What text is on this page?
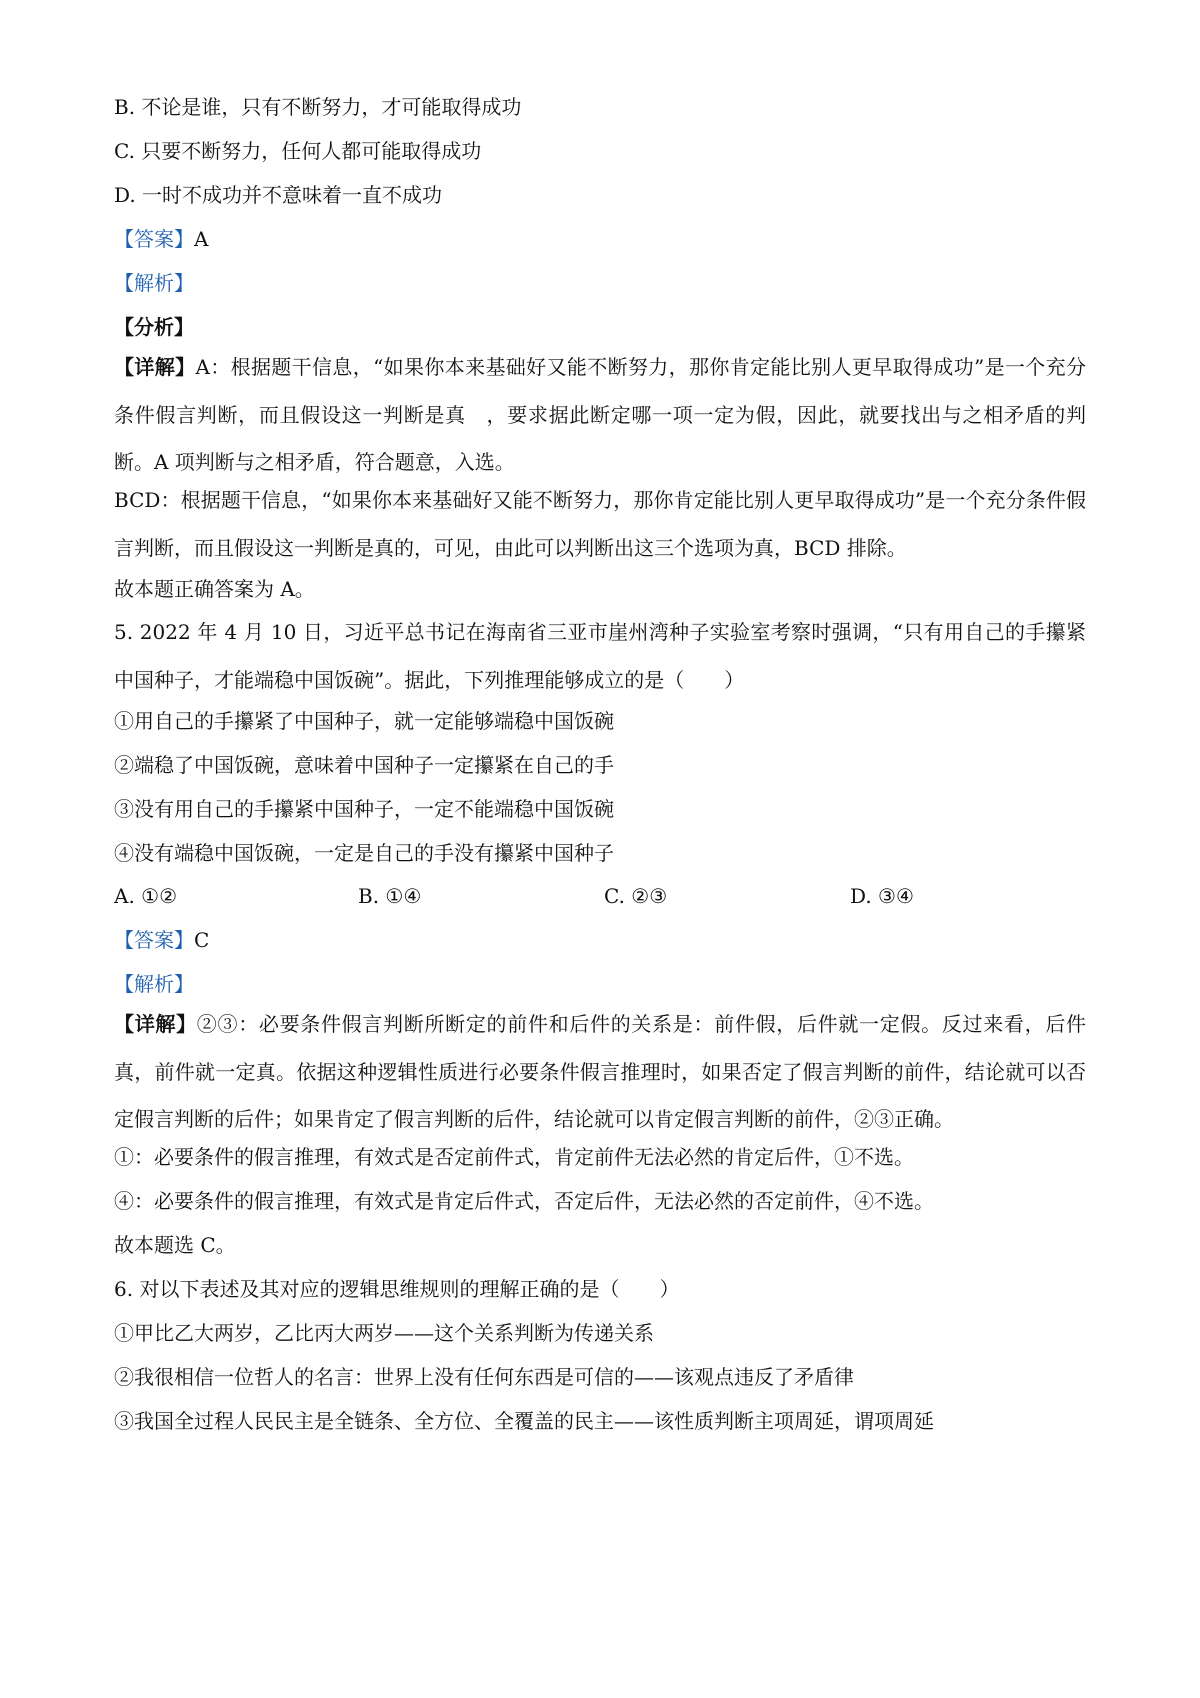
B. 不论是谁，只有不断努力，才可能取得成功
C. 只要不断努力，任何人都可能取得成功
D. 一时不成功并不意味着一直不成功
【答案】A
【解析】
【分析】

【详解】A：根据题干信息，“如果你本来基础好又能不断努力，那你肯定能比别人更早取得成功”是一个充分条件假言判断，而且假设这一判断是真　，要求据此断定哪一项一定为假，因此，就要找出与之相矛盾的判断。A 项判断与之相矛盾，符合题意，入选。

BCD：根据题干信息，“如果你本来基础好又能不断努力，那你肯定能比别人更早取得成功”是一个充分条件假言判断，而且假设这一判断是真的，可见，由此可以判断出这三个选项为真，BCD 排除。

故本题正确答案为 A。

5. 2022 年 4 月 10 日，习近平总书记在海南省三亚市崖州湾种子实验室考察时强调，“只有用自己的手攥紧中国种子，才能端稳中国饭碗”。据此，下列推理能够成立的是（　　）

①用自己的手攥紧了中国种子，就一定能够端稳中国饭碗
②端稳了中国饭碗，意味着中国种子一定攥紧在自己的手
③没有用自己的手攥紧中国种子，一定不能端稳中国饭碗
④没有端稳中国饭碗，一定是自己的手没有攥紧中国种子
A. ①②	B. ①④	C. ②③	D. ③④
【答案】C
【解析】

【详解】②③：必要条件假言判断所断定的前件和后件的关系是：前件假，后件就一定假。反过来看，后件真，前件就一定真。依据这种逻辑性质进行必要条件假言推理时，如果否定了假言判断的前件，结论就可以否定假言判断的后件；如果肯定了假言判断的后件，结论就可以肯定假言判断的前件，②③正确。

①：必要条件的假言推理，有效式是否定前件式，肯定前件无法必然的肯定后件，①不选。
④：必要条件的假言推理，有效式是肯定后件式，否定后件，无法必然的否定前件，④不选。
故本题选 C。
6. 对以下表述及其对应的逻辑思维规则的理解正确的是（　　）
①甲比乙大两岁，乙比丙大两岁——这个关系判断为传递关系
②我很相信一位哲人的名言：世界上没有任何东西是可信的——该观点违反了矛盾律
③我国全过程人民民主是全链条、全方位、全覆盖的民主——该性质判断主项周延，谓项周延
